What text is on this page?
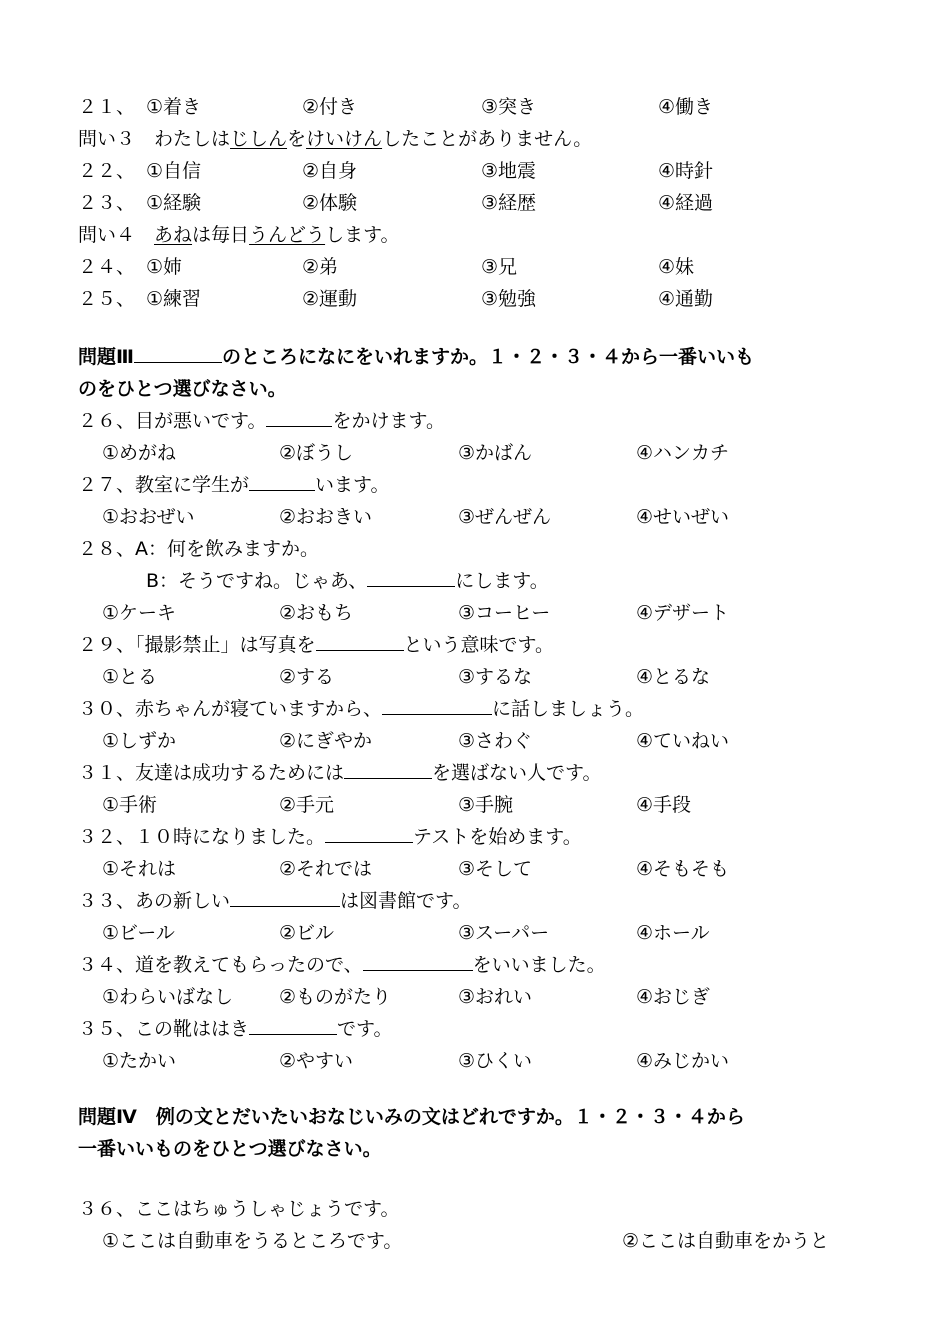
２１、 ①着き	②付き	③突き	④働き
問い３　わたしはじしんをけいけんしたことがありません。
２２、 ①自信	②自身	③地震	④時針
２３、 ①経験	②体験	③経歴	④経過
問い４　あねは毎日うんどうします。
２４、 ①姉	②弟	③兄	④妹
２５、 ①練習	②運動	③勉強	④通勤
問題Ⅲ	のところになにをいれますか。１・２・３・４から一番いいも
のをひとつ選びなさい。
２６、目が悪いです。	をかけます。
①めがね	②ぼうし	③かばん	④ハンカチ
２７、教室に学生が	います。
①おおぜい	②おおきい	③ぜんぜん	④せいぜい
２８、A：何を飲みますか。
B：そうですね。じゃあ、	にします。
①ケーキ	②おもち	③コーヒー	④デザート
２９、「撮影禁止」は写真を	という意味です。
①とる	②する	③するな	④とるな
３０、赤ちゃんが寝ていますから、	に話しましょう。
①しずか	②にぎやか	③さわぐ	④ていねい
３１、友達は成功するためには	を選ばない人です。
①手術	②手元	③手腕	④手段
３２、１０時になりました。	テストを始めます。
①それは	②それでは	③そして	④そもそも
３３、あの新しい	は図書館です。
①ビール	②ビル	③スーパー	④ホール
３４、道を教えてもらったので、	をいいました。
①わらいばなし ②ものがたり	③おれい	④おじぎ
３５、この靴ははき	です。
①たかい	②やすい	③ひくい	④みじかい
問題Ⅳ　例の文とだいたいおなじいみの文はどれですか。１・２・３・４から
一番いいものをひとつ選びなさい。
３６、ここはちゅうしゃじょうです。
①ここは自動車をうるところです。	②ここは自動車をかうと
